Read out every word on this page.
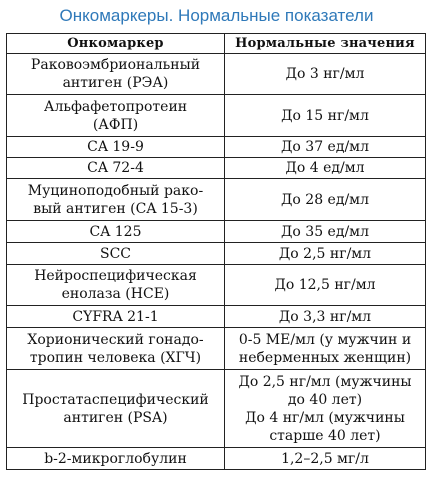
Онкомаркеры. Нормальные показатели
Онкомаркер	Нормальные значения
Раковоэмбриональный
антиген (РЭА)	До 3 нг/мл
Альфафетопротеин
(АФП)	До 15 нг/мл
CA 19-9	До 37 ед/мл
CA 72-4	До 4 ед/мл
Муциноподобный рако-
вый антиген (CA 15-3)	До 28 ед/мл
CA 125	До 35 ед/мл
SCC	До 2,5 нг/мл
Нейроспецифическая
енолаза (НСЕ)	До 12,5 нг/мл
CYFRA 21-1	До 3,3 нг/мл
Хорионический гонадо-
тропин человека (ХГЧ)	0-5 МЕ/мл (у мужчин и
неберменных женщин)
Простатаспецифический
антиген (PSA)	До 2,5 нг/мл (мужчины
до 40 лет)
До 4 нг/мл (мужчины
старше 40 лет)
b-2-микроглобулин	1,2–2,5 мг/л
